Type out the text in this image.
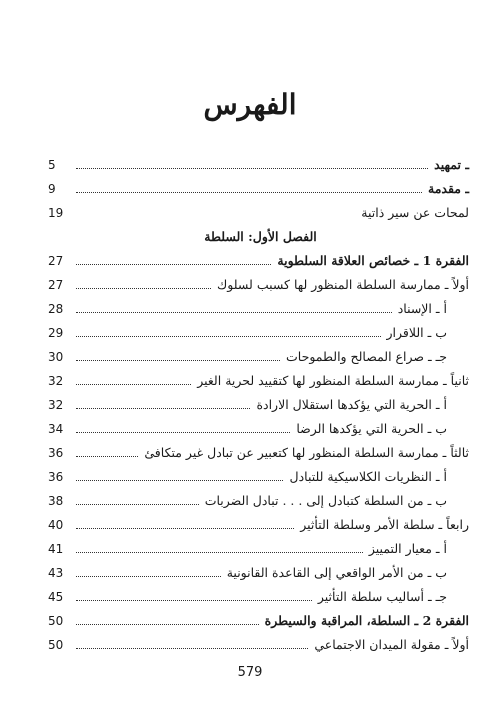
الفهرس
ـ تمهيد
5
ـ مقدمة
9
لمحات عن سير ذاتية
19
الفصل الأول: السلطة
الفقرة 1 ـ خصائص العلاقة السلطوية
27
أولاً ـ ممارسة السلطة المنظور لها كسبب لسلوك
27
أ ـ الإسناد
28
ب ـ اللاقرار
29
جـ ـ صراع المصالح والطموحات
30
ثانياً ـ ممارسة السلطة المنظور لها كتقييد لحرية الغير
32
أ ـ الحرية التي يؤكدها استقلال الارادة
32
ب ـ الحرية التي يؤكدها الرضا
34
ثالثاً ـ ممارسة السلطة المنظور لها كتعبير عن تبادل غير متكافئ
36
أ ـ النظريات الكلاسيكية للتبادل
36
ب ـ من السلطة كتبادل إلى . . . تبادل الضربات
38
رابعاً ـ سلطة الأمر وسلطة التأثير
40
أ ـ معيار التمييز
41
ب ـ من الأمر الواقعي إلى القاعدة القانونية
43
جـ ـ أساليب سلطة التأثير
45
الفقرة 2 ـ السلطة، المراقبة والسيطرة
50
أولاً ـ مقولة الميدان الاجتماعي
50
579
